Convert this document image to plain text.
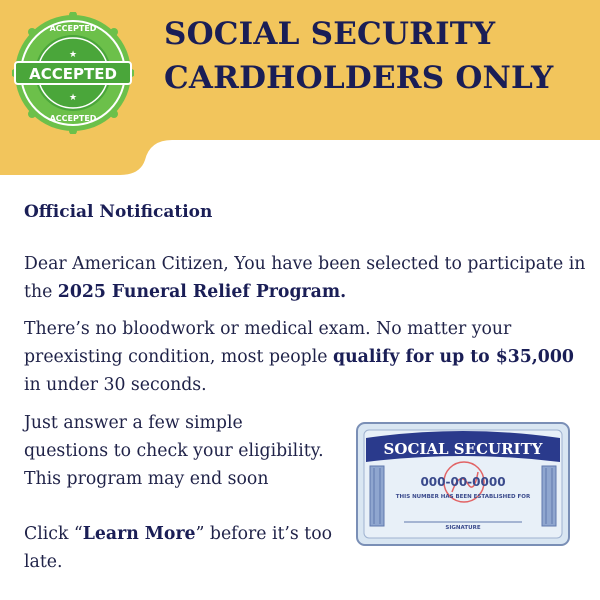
ACCEPTED
ACCEPTED
★
★
ACCEPTED
SOCIAL SECURITY
CARDHOLDERS ONLY
Official Notification
Dear American Citizen, You have been selected to participate in the 2025 Funeral Relief Program.
There’s no bloodwork or medical exam. No matter your preexisting condition, most people qualify for up to $35,000 in under 30 seconds.
Just answer a few simple
questions to check your eligibility.
This program may end soon
Click “Learn More” before it’s too late.
SOCIAL SECURITY
000-00-0000
THIS NUMBER HAS BEEN ESTABLISHED FOR
SIGNATURE
